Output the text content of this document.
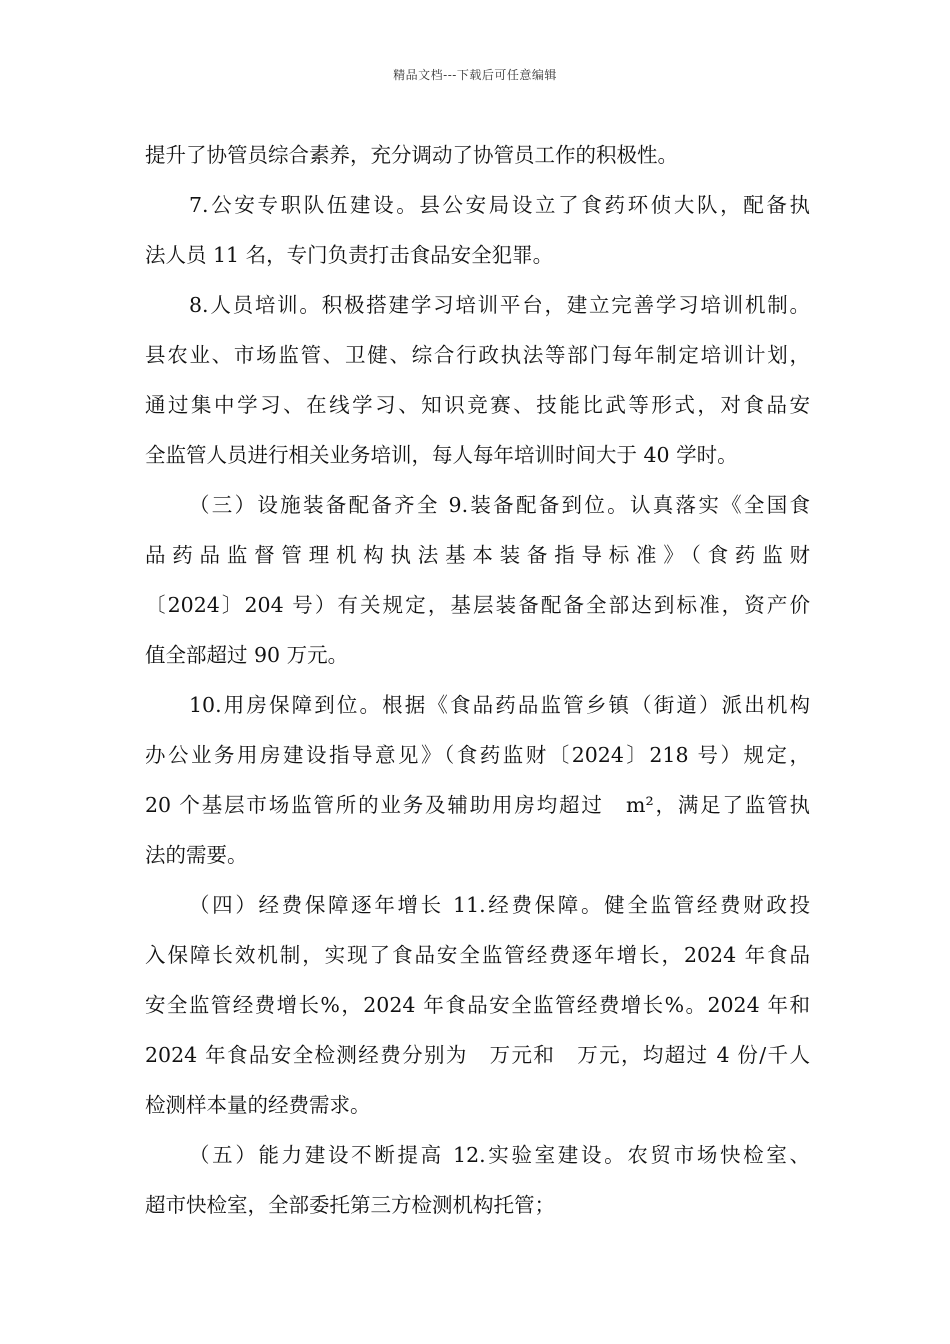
精品文档---下载后可任意编辑
提升了协管员综合素养，充分调动了协管员工作的积极性。
7.公安专职队伍建设。县公安局设立了食药环侦大队，配备执
法人员 11 名，专门负责打击食品安全犯罪。
8.人员培训。积极搭建学习培训平台，建立完善学习培训机制。
县农业、市场监管、卫健、综合行政执法等部门每年制定培训计划，
通过集中学习、在线学习、知识竞赛、技能比武等形式，对食品安
全监管人员进行相关业务培训，每人每年培训时间大于 40 学时。
（三）设施装备配备齐全 9.装备配备到位。认真落实《全国食
品药品监督管理机构执法基本装备指导标准》（食药监财
〔2024〕204 号）有关规定，基层装备配备全部达到标准，资产价
值全部超过 90 万元。
10.用房保障到位。根据《食品药品监管乡镇（街道）派出机构
办公业务用房建设指导意见》（食药监财〔2024〕218 号）规定，
20 个基层市场监管所的业务及辅助用房均超过　m²，满足了监管执
法的需要。
（四）经费保障逐年增长 11.经费保障。健全监管经费财政投
入保障长效机制，实现了食品安全监管经费逐年增长，2024 年食品
安全监管经费增长%，2024 年食品安全监管经费增长%。2024 年和
2024 年食品安全检测经费分别为　万元和　万元，均超过 4 份/千人
检测样本量的经费需求。
（五）能力建设不断提高 12.实验室建设。农贸市场快检室、
超市快检室，全部委托第三方检测机构托管；
